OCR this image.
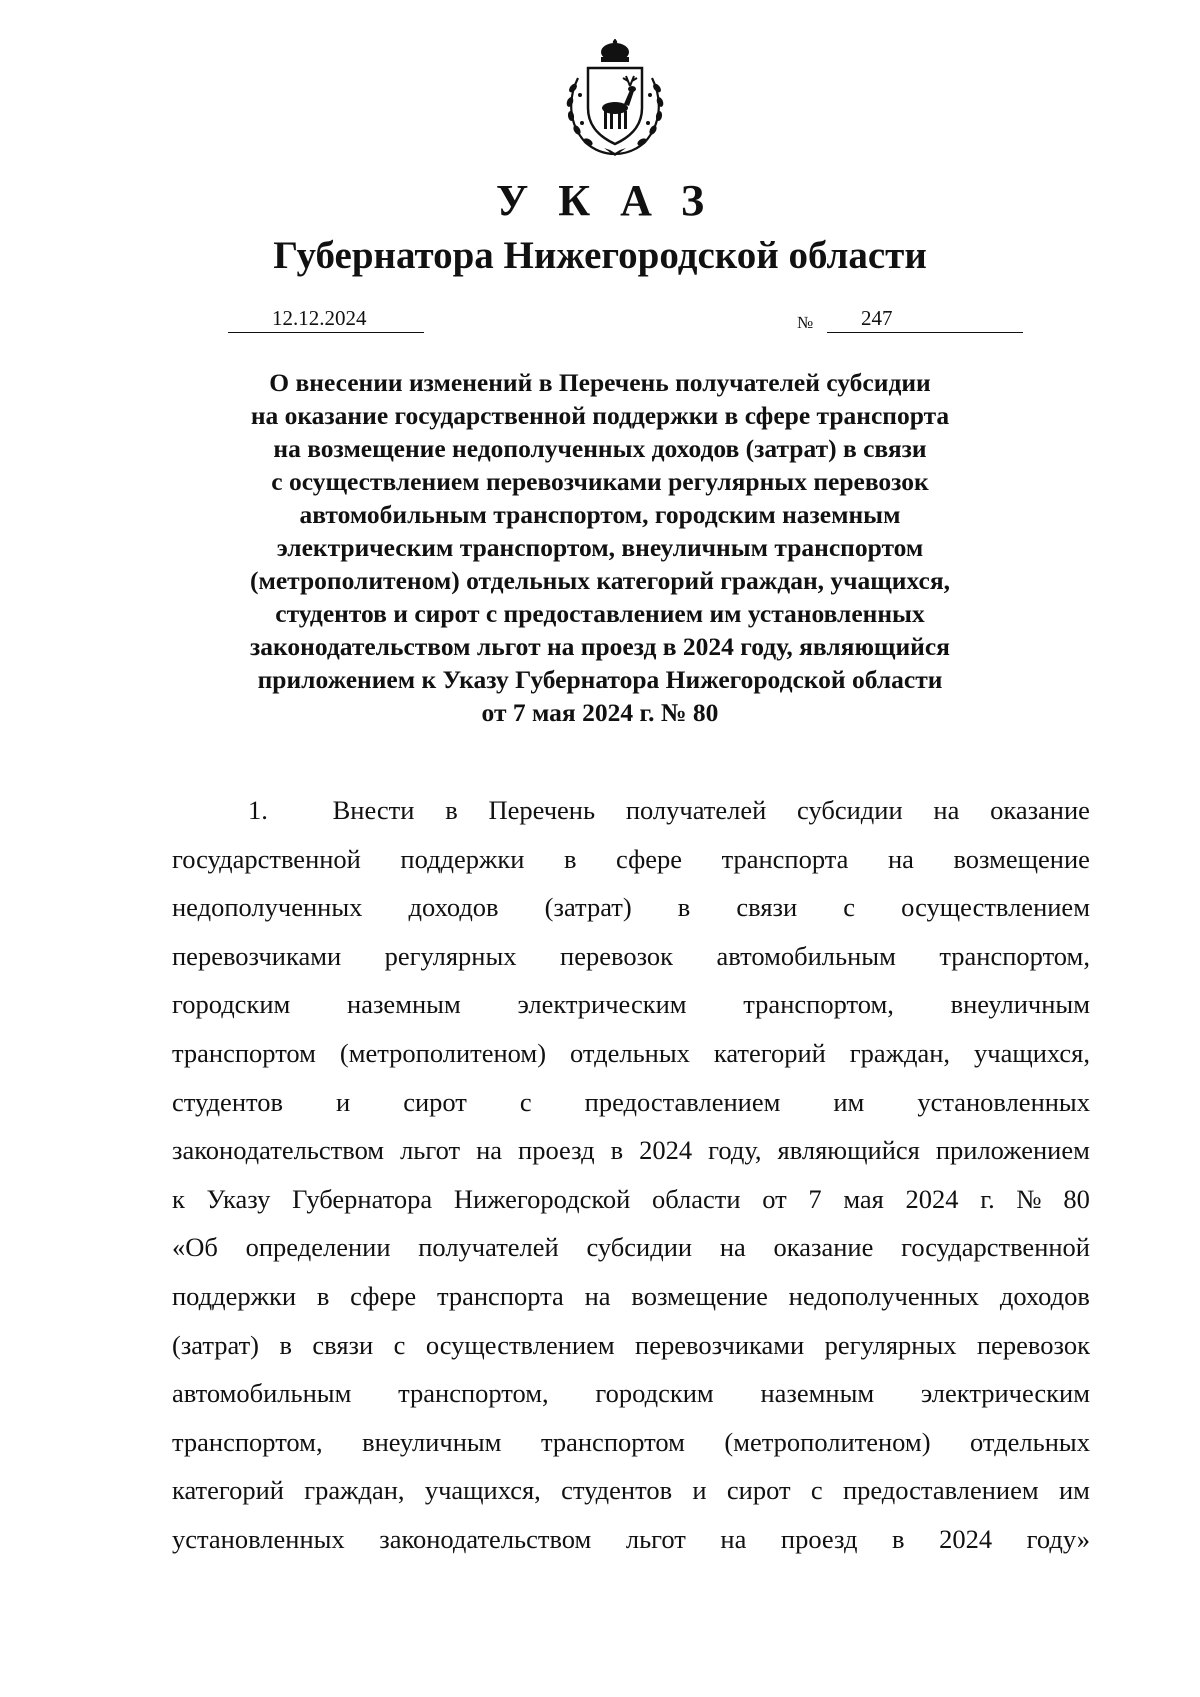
УКАЗ
Губернатора Нижегородской области
12.12.2024	№ 247
О внесении изменений в Перечень получателей субсидии
на оказание государственной поддержки в сфере транспорта
на возмещение недополученных доходов (затрат) в связи
с осуществлением перевозчиками регулярных перевозок
автомобильным транспортом, городским наземным
электрическим транспортом, внеуличным транспортом
(метрополитеном) отдельных категорий граждан, учащихся,
студентов и сирот с предоставлением им установленных
законодательством льгот на проезд в 2024 году, являющийся
приложением к Указу Губернатора Нижегородской области
от 7 мая 2024 г. № 80
1. Внести в Перечень получателей субсидии на оказание
государственной поддержки в сфере транспорта на возмещение
недополученных доходов (затрат) в связи с осуществлением
перевозчиками регулярных перевозок автомобильным транспортом,
городским наземным электрическим транспортом, внеуличным
транспортом (метрополитеном) отдельных категорий граждан, учащихся,
студентов и сирот с предоставлением им установленных
законодательством льгот на проезд в 2024 году, являющийся приложением
к Указу Губернатора Нижегородской области от 7 мая 2024 г. № 80
«Об определении получателей субсидии на оказание государственной
поддержки в сфере транспорта на возмещение недополученных доходов
(затрат) в связи с осуществлением перевозчиками регулярных перевозок
автомобильным транспортом, городским наземным электрическим
транспортом, внеуличным транспортом (метрополитеном) отдельных
категорий граждан, учащихся, студентов и сирот с предоставлением им
установленных законодательством льгот на проезд в 2024 году»
